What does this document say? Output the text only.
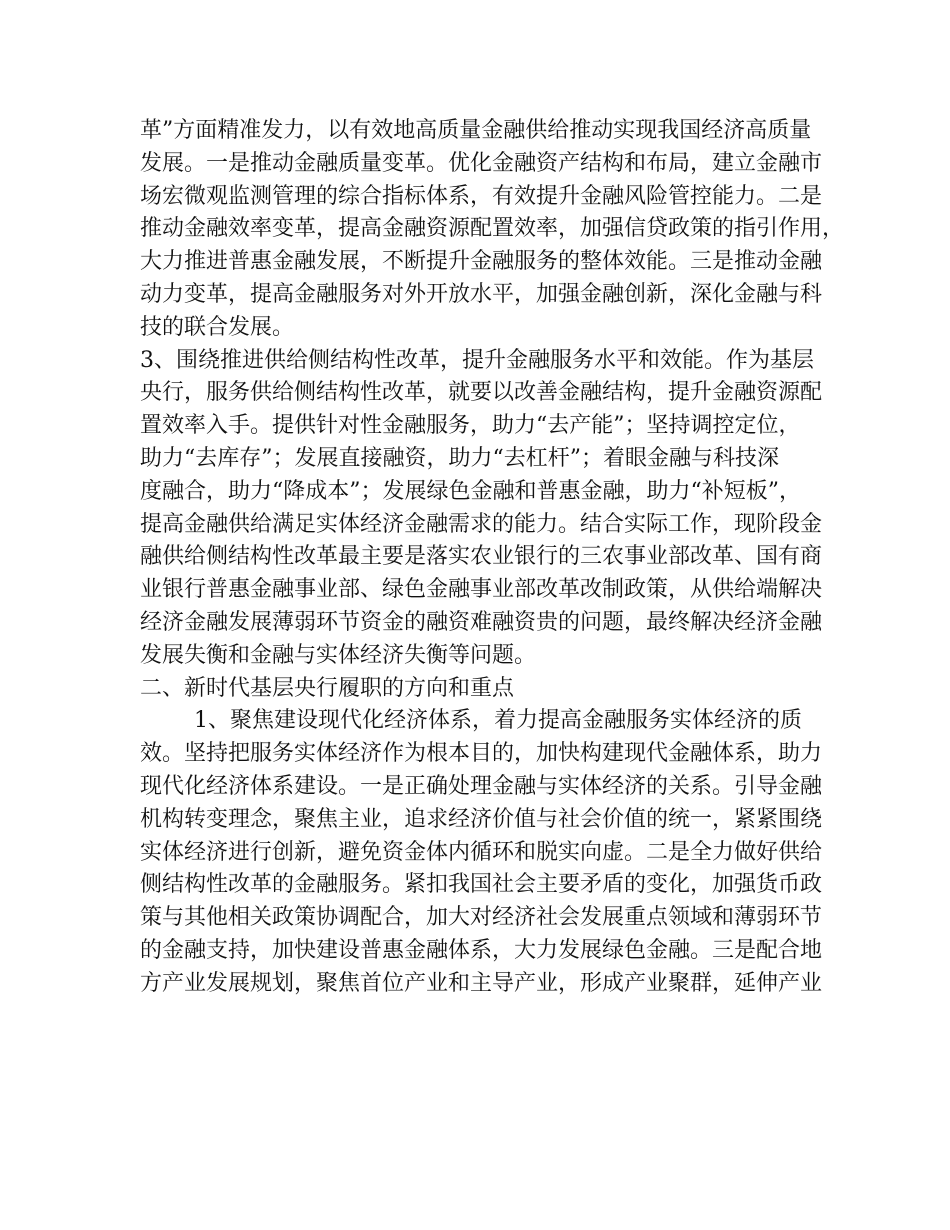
革”方面精准发力，以有效地高质量金融供给推动实现我国经济高质量
发展。一是推动金融质量变革。优化金融资产结构和布局，建立金融市
场宏微观监测管理的综合指标体系，有效提升金融风险管控能力。二是
推动金融效率变革，提高金融资源配置效率，加强信贷政策的指引作用，
大力推进普惠金融发展，不断提升金融服务的整体效能。三是推动金融
动力变革，提高金融服务对外开放水平，加强金融创新，深化金融与科
技的联合发展。
3、围绕推进供给侧结构性改革，提升金融服务水平和效能。作为基层
央行，服务供给侧结构性改革，就要以改善金融结构，提升金融资源配
置效率入手。提供针对性金融服务，助力“去产能”；坚持调控定位，
助力“去库存”；发展直接融资，助力“去杠杆”；着眼金融与科技深
度融合，助力“降成本”；发展绿色金融和普惠金融，助力“补短板”，
提高金融供给满足实体经济金融需求的能力。结合实际工作，现阶段金
融供给侧结构性改革最主要是落实农业银行的三农事业部改革、国有商
业银行普惠金融事业部、绿色金融事业部改革改制政策，从供给端解决
经济金融发展薄弱环节资金的融资难融资贵的问题，最终解决经济金融
发展失衡和金融与实体经济失衡等问题。
二、新时代基层央行履职的方向和重点
1、聚焦建设现代化经济体系，着力提高金融服务实体经济的质
效。坚持把服务实体经济作为根本目的，加快构建现代金融体系，助力
现代化经济体系建设。一是正确处理金融与实体经济的关系。引导金融
机构转变理念，聚焦主业，追求经济价值与社会价值的统一，紧紧围绕
实体经济进行创新，避免资金体内循环和脱实向虚。二是全力做好供给
侧结构性改革的金融服务。紧扣我国社会主要矛盾的变化，加强货币政
策与其他相关政策协调配合，加大对经济社会发展重点领域和薄弱环节
的金融支持，加快建设普惠金融体系，大力发展绿色金融。三是配合地
方产业发展规划，聚焦首位产业和主导产业，形成产业聚群，延伸产业
